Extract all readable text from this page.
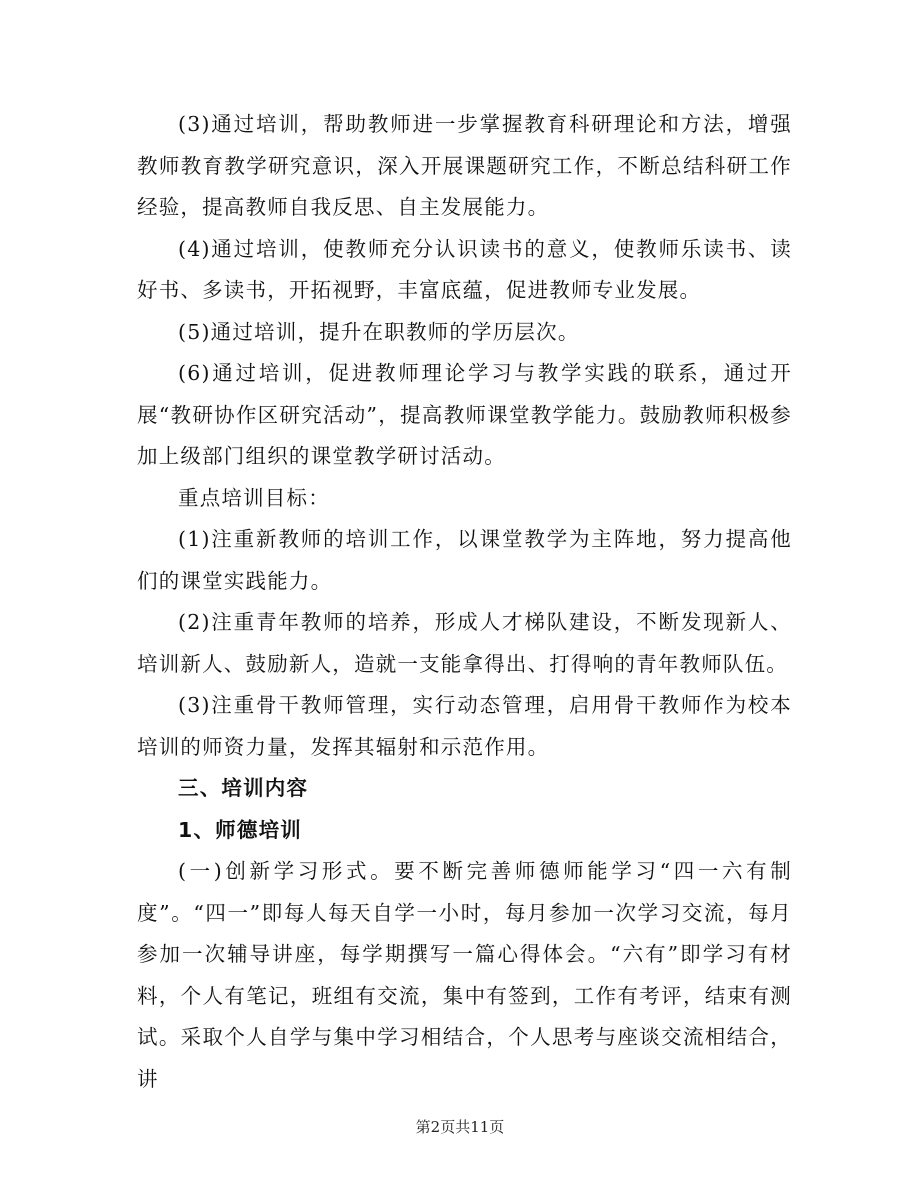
(3)通过培训，帮助教师进一步掌握教育科研理论和方法，增强教师教育教学研究意识，深入开展课题研究工作，不断总结科研工作经验，提高教师自我反思、自主发展能力。

(4)通过培训，使教师充分认识读书的意义，使教师乐读书、读好书、多读书，开拓视野，丰富底蕴，促进教师专业发展。

(5)通过培训，提升在职教师的学历层次。

(6)通过培训，促进教师理论学习与教学实践的联系，通过开展“教研协作区研究活动”，提高教师课堂教学能力。鼓励教师积极参加上级部门组织的课堂教学研讨活动。

重点培训目标：

(1)注重新教师的培训工作，以课堂教学为主阵地，努力提高他们的课堂实践能力。

(2)注重青年教师的培养，形成人才梯队建设，不断发现新人、培训新人、鼓励新人，造就一支能拿得出、打得响的青年教师队伍。

(3)注重骨干教师管理，实行动态管理，启用骨干教师作为校本培训的师资力量，发挥其辐射和示范作用。

三、培训内容

1、师德培训

(一)创新学习形式。要不断完善师德师能学习“四一六有制度”。“四一”即每人每天自学一小时，每月参加一次学习交流，每月参加一次辅导讲座，每学期撰写一篇心得体会。“六有”即学习有材料，个人有笔记，班组有交流，集中有签到，工作有考评，结束有测试。采取个人自学与集中学习相结合，个人思考与座谈交流相结合，讲

第2页共11页
